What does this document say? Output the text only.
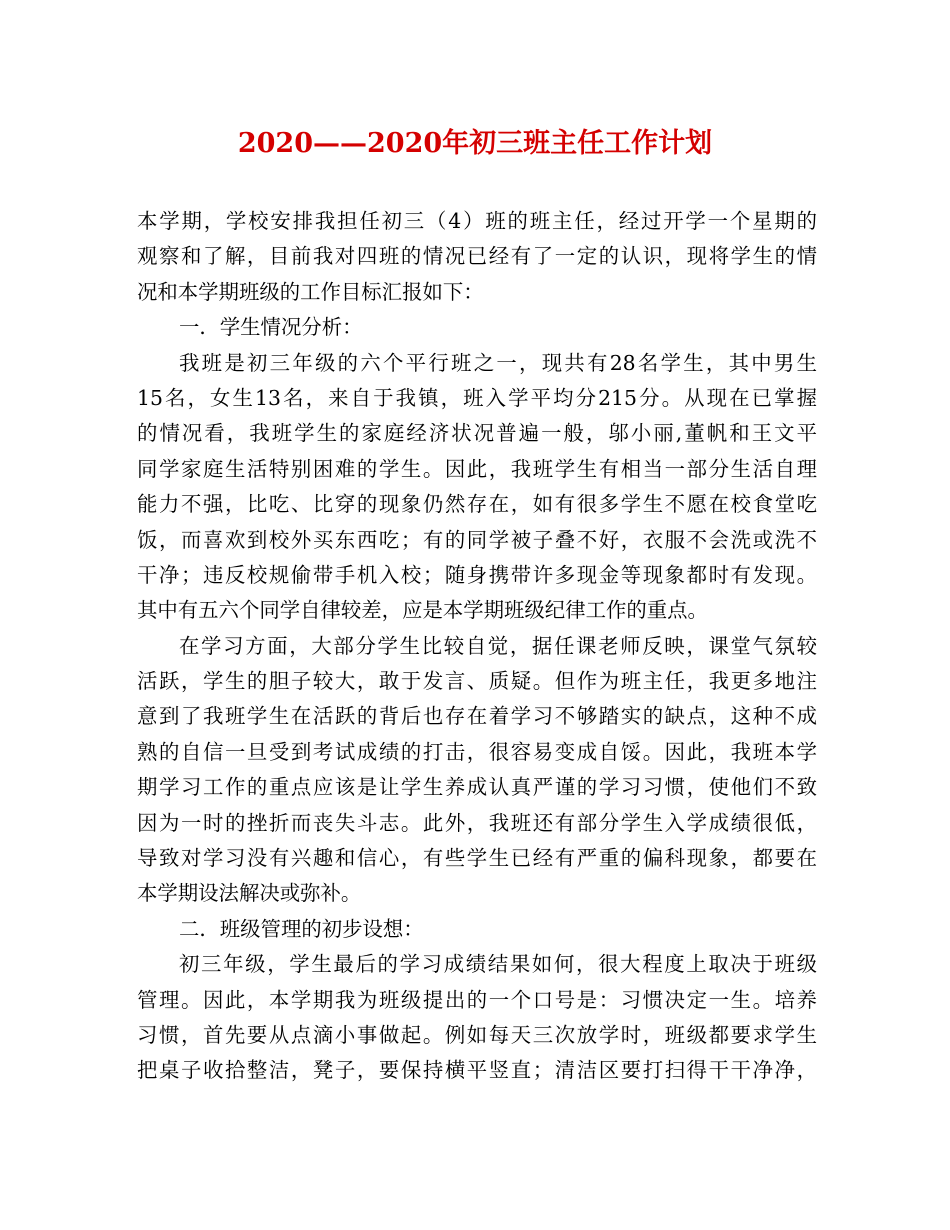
2020——2020年初三班主任工作计划
本学期，学校安排我担任初三（4）班的班主任，经过开学一个星期的
观察和了解，目前我对四班的情况已经有了一定的认识，现将学生的情
况和本学期班级的工作目标汇报如下：
一．学生情况分析：
我班是初三年级的六个平行班之一，现共有28名学生，其中男生
15名，女生13名，来自于我镇，班入学平均分215分。从现在已掌握
的情况看，我班学生的家庭经济状况普遍一般，邬小丽,董帆和王文平
同学家庭生活特别困难的学生。因此，我班学生有相当一部分生活自理
能力不强，比吃、比穿的现象仍然存在，如有很多学生不愿在校食堂吃
饭，而喜欢到校外买东西吃；有的同学被子叠不好，衣服不会洗或洗不
干净；违反校规偷带手机入校；随身携带许多现金等现象都时有发现。
其中有五六个同学自律较差，应是本学期班级纪律工作的重点。
在学习方面，大部分学生比较自觉，据任课老师反映，课堂气氛较
活跃，学生的胆子较大，敢于发言、质疑。但作为班主任，我更多地注
意到了我班学生在活跃的背后也存在着学习不够踏实的缺点，这种不成
熟的自信一旦受到考试成绩的打击，很容易变成自馁。因此，我班本学
期学习工作的重点应该是让学生养成认真严谨的学习习惯，使他们不致
因为一时的挫折而丧失斗志。此外，我班还有部分学生入学成绩很低，
导致对学习没有兴趣和信心，有些学生已经有严重的偏科现象，都要在
本学期设法解决或弥补。
二．班级管理的初步设想：
初三年级，学生最后的学习成绩结果如何，很大程度上取决于班级
管理。因此，本学期我为班级提出的一个口号是：习惯决定一生。培养
习惯，首先要从点滴小事做起。例如每天三次放学时，班级都要求学生
把桌子收拾整洁，凳子，要保持横平竖直；清洁区要打扫得干干净净，
